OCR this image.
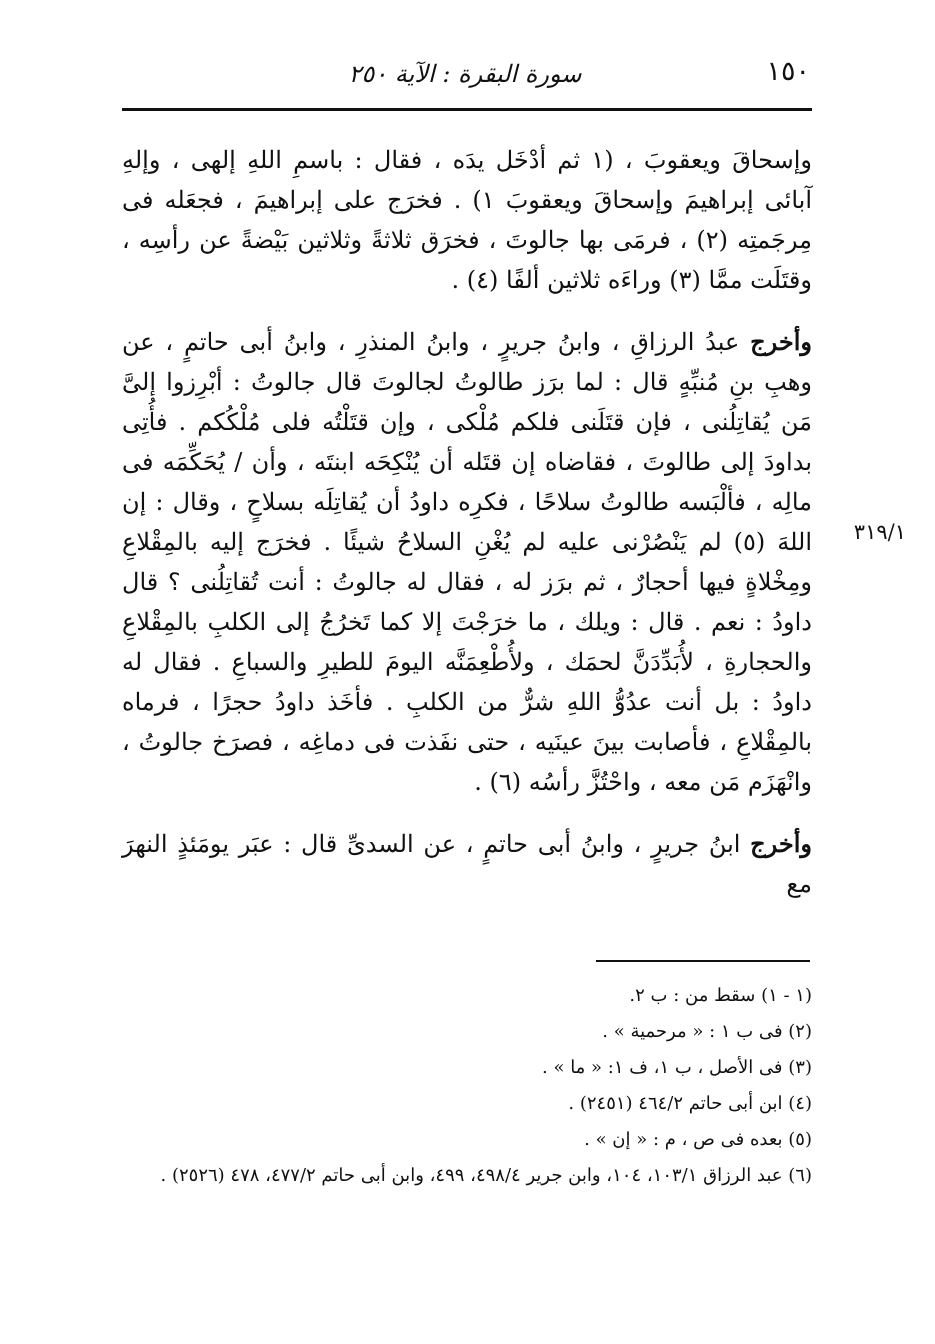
١٥٠
سورة البقرة : الآية ٢٥٠

وإسحاقَ ويعقوبَ ، (١ ثم أدْخَل يدَه ، فقال : باسمِ اللهِ إلهى ، وإلهِ آبائى إبراهيمَ وإسحاقَ ويعقوبَ ١) . فخرَج على إبراهيمَ ، فجعَله فى مِرجَمتِه (٢) ، فرمَى بها جالوتَ ، فخرَق ثلاثةً وثلاثين بَيْضةً عن رأسِه ، وقتَلَت ممَّا (٣) وراءَه ثلاثين ألفًا (٤) .

وأخرج عبدُ الرزاقِ ، وابنُ جريرٍ ، وابنُ المنذرِ ، وابنُ أبى حاتمٍ ، عن وهبِ بنِ مُنبِّهٍ قال : لما برَز طالوتُ لجالوتَ قال جالوتُ : أبْرِزوا إلىَّ مَن يُقاتِلُنى ، فإن قتَلَنى فلكم مُلْكى ، وإن قتَلْتُه فلى مُلْكُكم . فأُتِى بداودَ إلى طالوتَ ، فقاضاه إن قتَله أن يُنْكِحَه ابنتَه ، وأن / يُحَكِّمَه فى مالِه ، فألْبَسه طالوتُ سلاحًا ، فكرِه داودُ أن يُقاتِلَه بسلاحٍ ، وقال : إن اللهَ (٥) لم يَنْصُرْنى عليه لم يُغْنِ السلاحُ شيئًا . فخرَج إليه بالمِقْلاعِ ومِخْلاةٍ فيها أحجارٌ ، ثم برَز له ، فقال له جالوتُ : أنت تُقاتِلُنى ؟ قال داودُ : نعم . قال : ويلك ، ما خرَجْتَ إلا كما تَخرُجُ إلى الكلبِ بالمِقْلاعِ والحجارةِ ، لأُبَدِّدَنَّ لحمَك ، ولأُطْعِمَنَّه اليومَ للطيرِ والسباعِ . فقال له داودُ : بل أنت عدُوُّ اللهِ شرٌّ من الكلبِ . فأخَذ داودُ حجرًا ، فرماه بالمِقْلاعِ ، فأصابت بينَ عينَيه ، حتى نفَذت فى دماغِه ، فصرَخ جالوتُ ، وانْهَزَم مَن معه ، واحْتُزَّ رأسُه (٦) .

وأخرج ابنُ جريرٍ ، وابنُ أبى حاتمٍ ، عن السدىِّ قال : عبَر يومَئذٍ النهرَ مع

٣١٩/١

(١ - ١) سقط من : ب ٢.

(٢) فى ب ١ : « مرحمية » .

(٣) فى الأصل ، ب ١، ف ١: « ما » .

(٤) ابن أبى حاتم ٤٦٤/٢ (٢٤٥١) .

(٥) بعده فى ص ، م : « إن » .

(٦) عبد الرزاق ١٠٣/١، ١٠٤، وابن جرير ٤٩٨/٤، ٤٩٩، وابن أبى حاتم ٤٧٧/٢، ٤٧٨ (٢٥٢٦) .
